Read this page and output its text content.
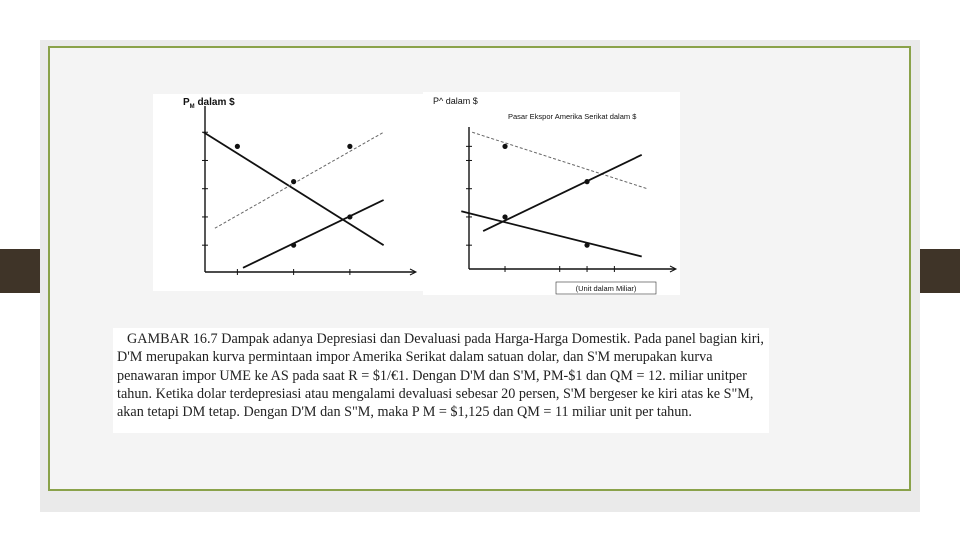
$P_M$ dalam $	P^ dalam $
Pasar Ekspor Amerika Serikat dalam $
(Unit dalam Miliar)

GAMBAR 16.7 Dampak adanya Depresiasi dan Devaluasi pada Harga-Harga Domestik. Pada panel bagian kiri, D'M merupakan kurva permintaan impor Amerika Serikat dalam satuan dolar, dan S'M merupakan kurva penawaran impor UME ke AS pada saat R = $1/€1. Dengan D'M dan S'M, PM-$1 dan QM = 12. miliar unitper tahun. Ketika dolar terdepresiasi atau mengalami devaluasi sebesar 20 persen, S'M bergeser ke kiri atas ke S"M, akan tetapi DM tetap. Dengan D'M dan S"M, maka P M = $1,125 dan QM = 11 miliar unit per tahun.
